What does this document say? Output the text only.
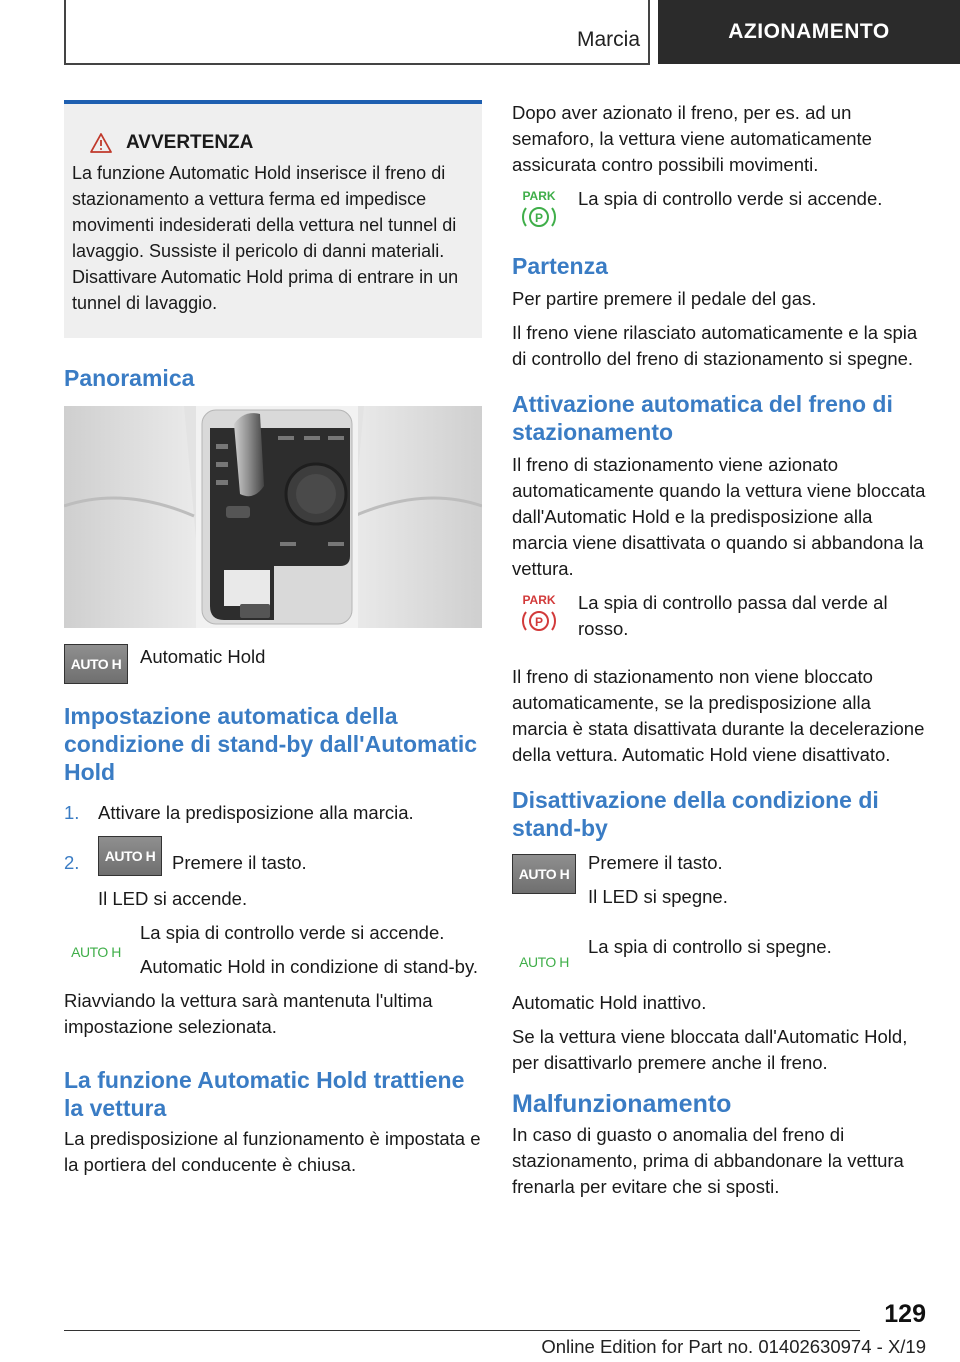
Marcia	AZIONAMENTO
AVVERTENZA

La funzione Automatic Hold inserisce il freno di stazionamento a vettura ferma ed impedisce movimenti indesiderati della vettura nel tunnel di lavaggio. Sussiste il pericolo di danni materiali. Disattivare Automatic Hold prima di entrare in un tunnel di lavaggio.

Panoramica
AUTO H	Automatic Hold

Impostazione automatica della condizione di stand-by dall'Automatic Hold
1.	Attivare la predisposizione alla marcia.
2.	AUTO H Premere il tasto.

Il LED si accende.

AUTO H

La spia di controllo verde si accende.

Automatic Hold in condizione di stand-by.

Riavviando la vettura sarà mantenuta l'ultima impostazione selezionata.

La funzione Automatic Hold trattiene la vettura

La predisposizione al funzionamento è impostata e la portiera del conducente è chiusa.

Dopo aver azionato il freno, per es. ad un semaforo, la vettura viene automaticamente assicurata contro possibili movimenti.

PARK
P

La spia di controllo verde si accende.

Partenza

Per partire premere il pedale del gas.

Il freno viene rilasciato automaticamente e la spia di controllo del freno di stazionamento si spegne.

Attivazione automatica del freno di stazionamento

Il freno di stazionamento viene azionato automaticamente quando la vettura viene bloccata dall'Automatic Hold e la predisposizione alla marcia viene disattivata o quando si abbandona la vettura.

PARK
P

La spia di controllo passa dal verde al rosso.

Il freno di stazionamento non viene bloccato automaticamente, se la predisposizione alla marcia è stata disattivata durante la decelerazione della vettura. Automatic Hold viene disattivato.

Disattivazione della condizione di stand-by
AUTO H

Premere il tasto.

Il LED si spegne.

AUTO H

La spia di controllo si spegne.

Automatic Hold inattivo.

Se la vettura viene bloccata dall'Automatic Hold, per disattivarlo premere anche il freno.

Malfunzionamento

In caso di guasto o anomalia del freno di stazionamento, prima di abbandonare la vettura frenarla per evitare che si sposti.

129
Online Edition for Part no. 01402630974 - X/19
